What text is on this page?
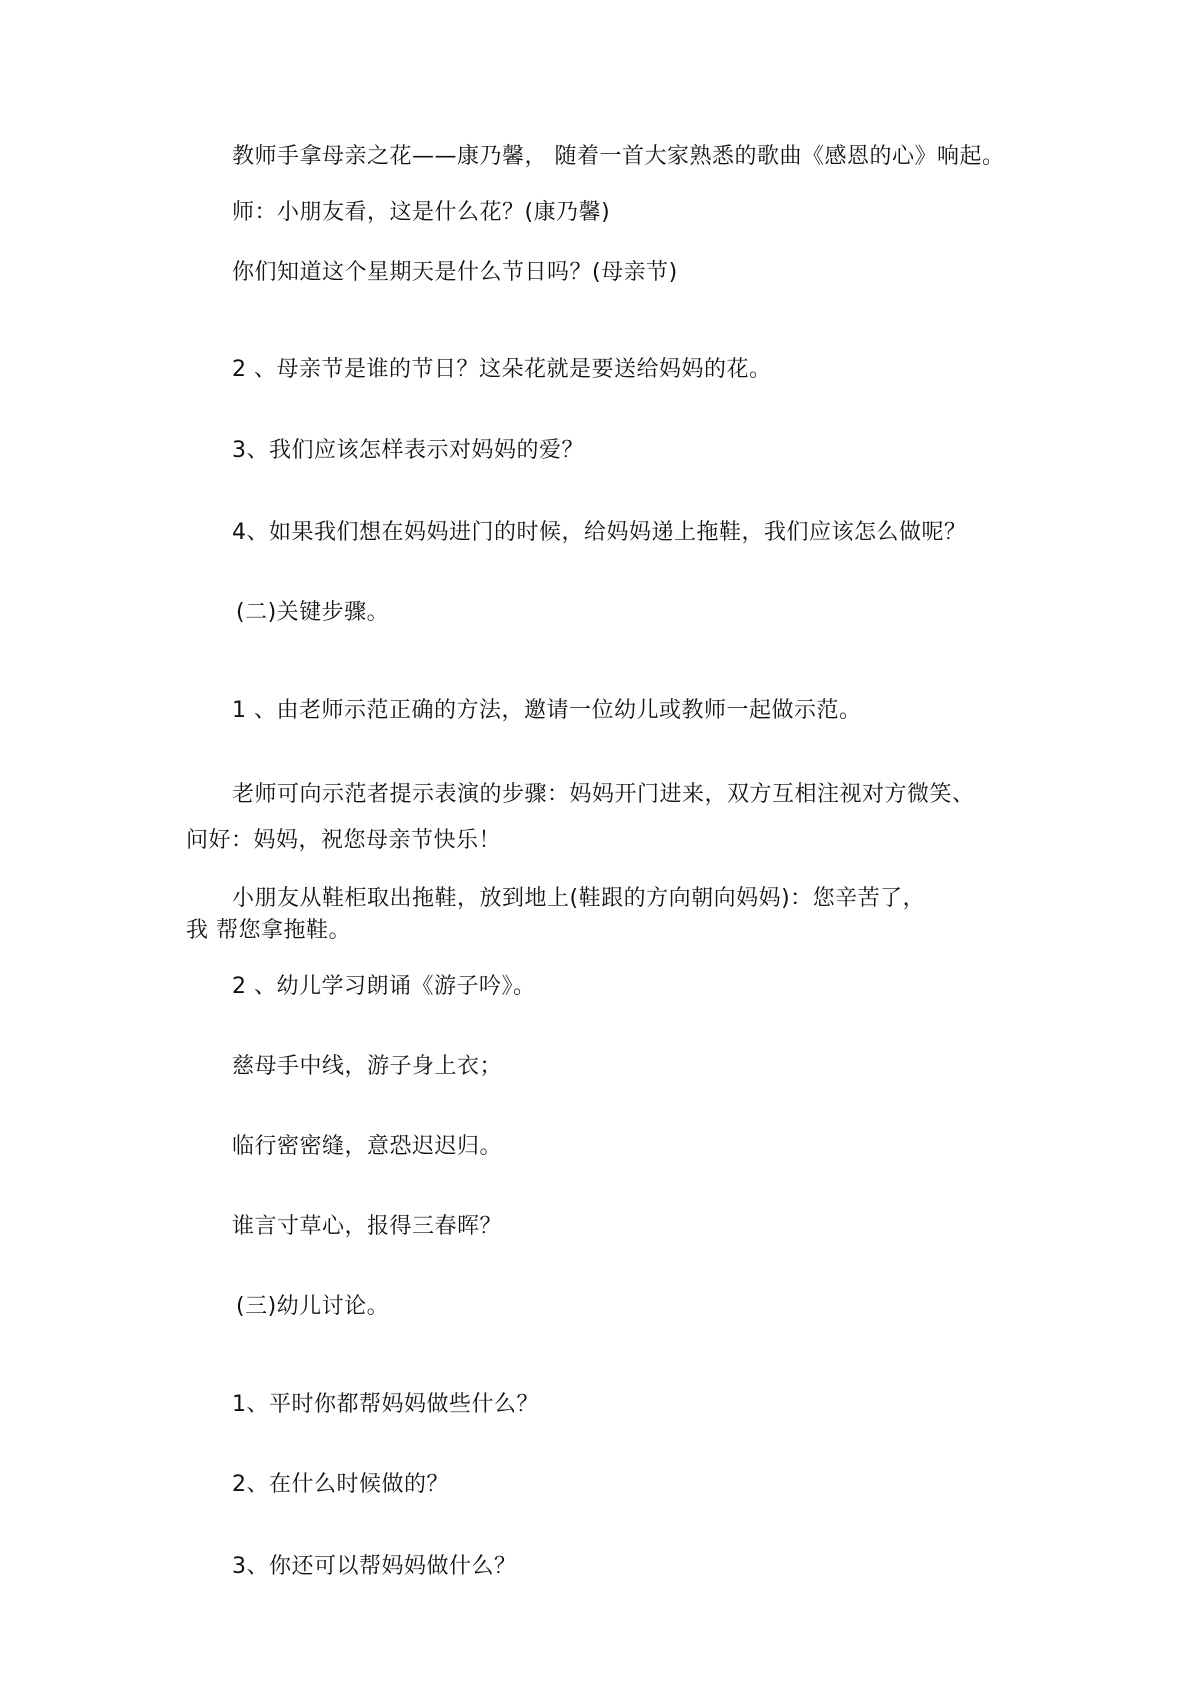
教师手拿母亲之花——康乃馨， 随着一首大家熟悉的歌曲《感恩的心》响起。
师：小朋友看，这是什么花？(康乃馨)
你们知道这个星期天是什么节日吗？(母亲节)
2 、母亲节是谁的节日？这朵花就是要送给妈妈的花。
3、我们应该怎样表示对妈妈的爱？
4、如果我们想在妈妈进门的时候，给妈妈递上拖鞋，我们应该怎么做呢？
(二)关键步骤。
1 、由老师示范正确的方法，邀请一位幼儿或教师一起做示范。
老师可向示范者提示表演的步骤：妈妈开门进来，双方互相注视对方微笑、
问好：妈妈，祝您母亲节快乐！
小朋友从鞋柜取出拖鞋，放到地上(鞋跟的方向朝向妈妈)：您辛苦了，
我 帮您拿拖鞋。
2 、幼儿学习朗诵《游子吟》。
慈母手中线，游子身上衣；
临行密密缝，意恐迟迟归。
谁言寸草心，报得三春晖？
(三)幼儿讨论。
1、平时你都帮妈妈做些什么？
2、在什么时候做的？
3、你还可以帮妈妈做什么？
